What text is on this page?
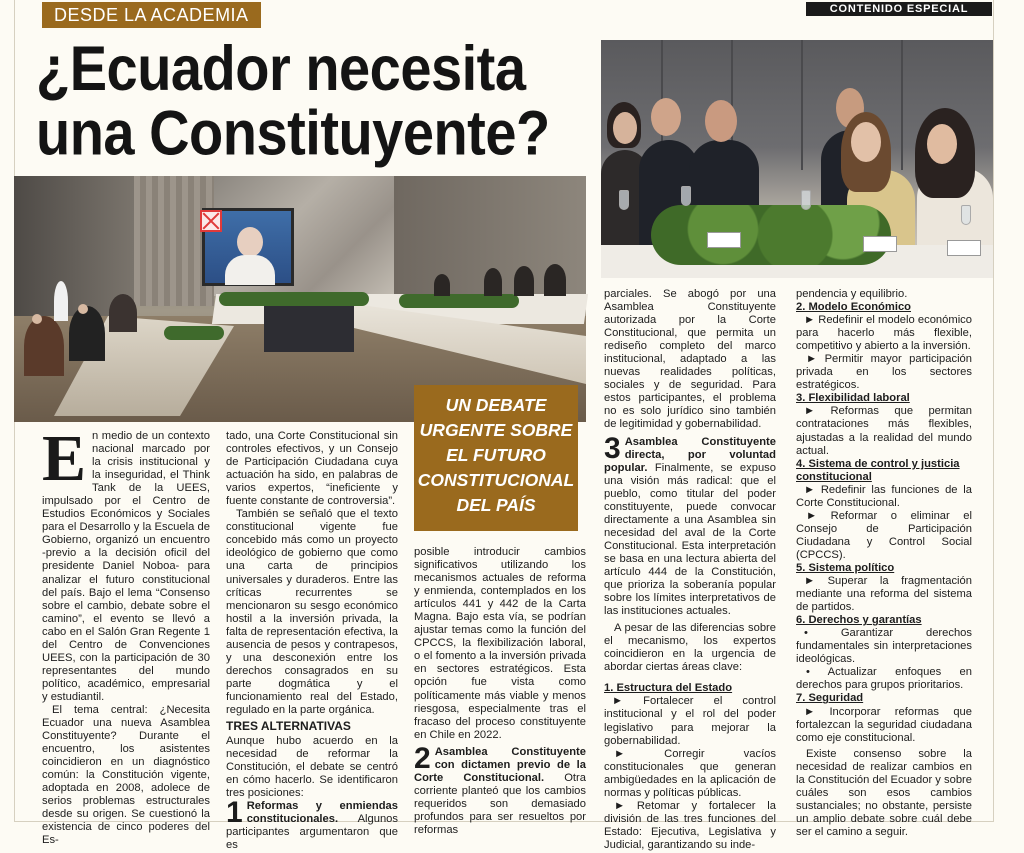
DESDE LA ACADEMIA	CONTENIDO ESPECIAL
¿Ecuador necesita
una Constituyente?
UN DEBATE
URGENTE SOBRE
EL FUTURO
CONSTITUCIONAL
DEL PAÍS

En medio de un contexto nacional marcado por la crisis institucional y la inseguridad, el Think Tank de la UEES, impulsado por el Centro de Estudios Económicos y Sociales para el Desarrollo y la Escuela de Gobierno, organizó un encuentro -previo a la decisión oficil del presidente Daniel Noboa- para analizar el futuro constitucional del país. Bajo el lema “Consenso sobre el cambio, debate sobre el camino”, el evento se llevó a cabo en el Salón Gran Regente 1 del Centro de Convenciones UEES, con la participación de 30 representantes del mundo político, académico, empresarial y estudiantil.

El tema central: ¿Necesita Ecuador una nueva Asamblea Constituyente? Durante el encuentro, los asistentes coincidieron en un diagnóstico común: la Constitución vigente, adoptada en 2008, adolece de serios problemas estructurales desde su origen. Se cuestionó la existencia de cinco poderes del Es-

tado, una Corte Constitucional sin controles efectivos, y un Consejo de Participación Ciudadana cuya actuación ha sido, en palabras de varios expertos, “ineficiente y fuente constante de controversia”.

También se señaló que el texto constitucional vigente fue concebido más como un proyecto ideológico de gobierno que como una carta de principios universales y duraderos. Entre las críticas recurrentes se mencionaron su sesgo económico hostil a la inversión privada, la falta de representación efectiva, la ausencia de pesos y contrapesos, y una desconexión entre los derechos consagrados en su parte dogmática y el funcionamiento real del Estado, regulado en la parte orgánica.

TRES ALTERNATIVAS

Aunque hubo acuerdo en la necesidad de reformar la Constitución, el debate se centró en cómo hacerlo. Se identificaron tres posiciones:

1 Reformas y enmiendas constitucionales. Algunos participantes argumentaron que es

posible introducir cambios significativos utilizando los mecanismos actuales de reforma y enmienda, contemplados en los artículos 441 y 442 de la Carta Magna. Bajo esta vía, se podrían ajustar temas como la función del CPCCS, la flexibilización laboral, o el fomento a la inversión privada en sectores estratégicos. Esta opción fue vista como políticamente más viable y menos riesgosa, especialmente tras el fracaso del proceso constituyente en Chile en 2022.

2 Asamblea Constituyente con dictamen previo de la Corte Constitucional. Otra corriente planteó que los cambios requeridos son demasiado profundos para ser resueltos por reformas

parciales. Se abogó por una Asamblea Constituyente autorizada por la Corte Constitucional, que permita un rediseño completo del marco institucional, adaptado a las nuevas realidades políticas, sociales y de seguridad. Para estos participantes, el problema no es solo jurídico sino también de legitimidad y gobernabilidad.

3 Asamblea Constituyente directa, por voluntad popular. Finalmente, se expuso una visión más radical: que el pueblo, como titular del poder constituyente, puede convocar directamente a una Asamblea sin necesidad del aval de la Corte Constitucional. Esta interpretación se basa en una lectura abierta del artículo 444 de la Constitución, que prioriza la soberanía popular sobre los límites interpretativos de las instituciones actuales.

A pesar de las diferencias sobre el mecanismo, los expertos coincidieron en la urgencia de abordar ciertas áreas clave:

1. Estructura del Estado

► Fortalecer el control institucional y el rol del poder legislativo para mejorar la gobernabilidad.

► Corregir vacíos constitucionales que generan ambigüedades en la aplicación de normas y políticas públicas.

► Retomar y fortalecer la división de las tres funciones del Estado: Ejecutiva, Legislativa y Judicial, garantizando su inde-

pendencia y equilibrio.

2. Modelo Económico

► Redefinir el modelo económico para hacerlo más flexible, competitivo y abierto a la inversión.

► Permitir mayor participación privada en los sectores estratégicos.

3. Flexibilidad laboral

► Reformas que permitan contrataciones más flexibles, ajustadas a la realidad del mundo actual.

4. Sistema de control y justicia constitucional

► Redefinir las funciones de la Corte Constitucional.

► Reformar o eliminar el Consejo de Participación Ciudadana y Control Social (CPCCS).

5. Sistema político

► Superar la fragmentación mediante una reforma del sistema de partidos.

6. Derechos y garantías

• Garantizar derechos fundamentales sin interpretaciones ideológicas.

• Actualizar enfoques en derechos para grupos prioritarios.

7. Seguridad

► Incorporar reformas que fortalezcan la seguridad ciudadana como eje constitucional.

Existe consenso sobre la necesidad de realizar cambios en la Constitución del Ecuador y sobre cuáles son esos cambios sustanciales; no obstante, persiste un amplio debate sobre cuál debe ser el camino a seguir.
